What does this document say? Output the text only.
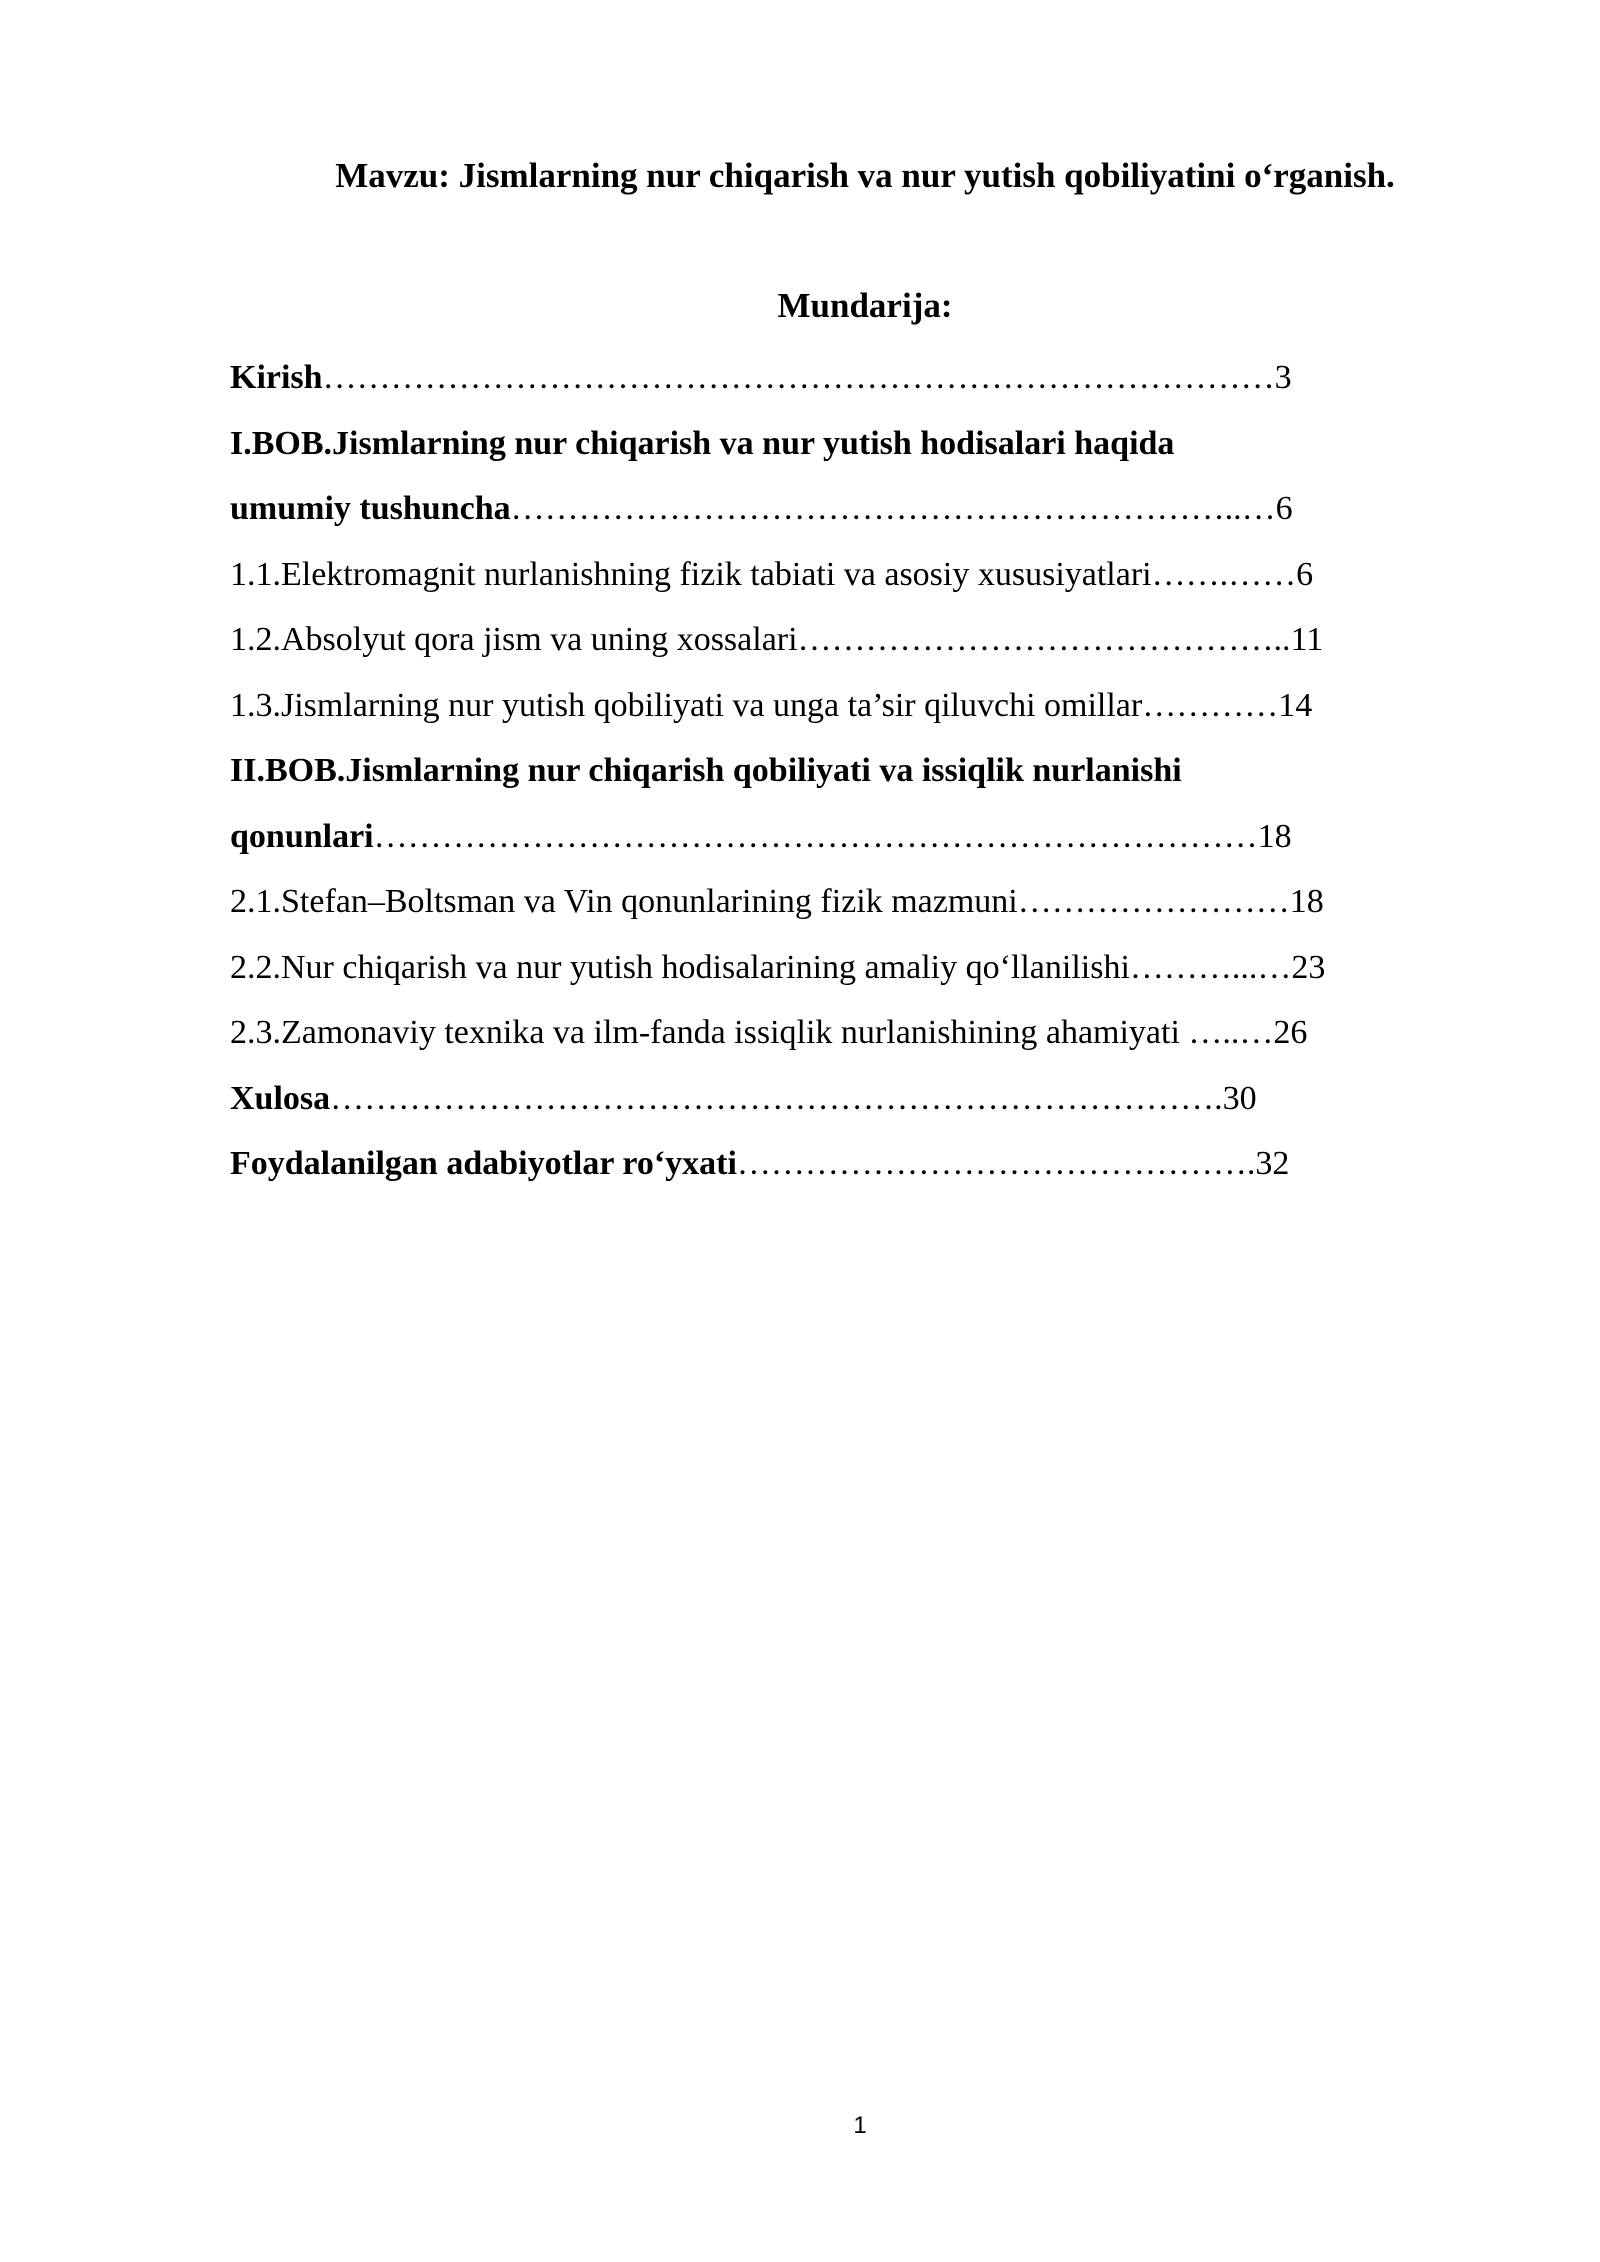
Mavzu: Jismlarning nur chiqarish va nur yutish qobiliyatini o‘rganish.
Mundarija:
Kirish…………………………………………………………………………3
I.BOB.Jismlarning nur chiqarish va nur yutish hodisalari haqida
umumiy tushuncha………………………………………………………..…6
1.1.Elektromagnit nurlanishning fizik tabiati va asosiy xususiyatlari…….……6
1.2.Absolyut qora jism va uning xossalari……………………………………..11
1.3.Jismlarning nur yutish qobiliyati va unga ta’sir qiluvchi omillar…………14
II.BOB.Jismlarning nur chiqarish qobiliyati va issiqlik nurlanishi
qonunlari……………………………………………………………………18
2.1.Stefan–Boltsman va Vin qonunlarining fizik mazmuni……………………18
2.2.Nur chiqarish va nur yutish hodisalarining amaliy qo‘llanilishi………...…23
2.3.Zamonaviy texnika va ilm-fanda issiqlik nurlanishining ahamiyati …..…26
Xulosa…………………………………………………………………….30
Foydalanilgan adabiyotlar ro‘yxati……………………………………….32
1
